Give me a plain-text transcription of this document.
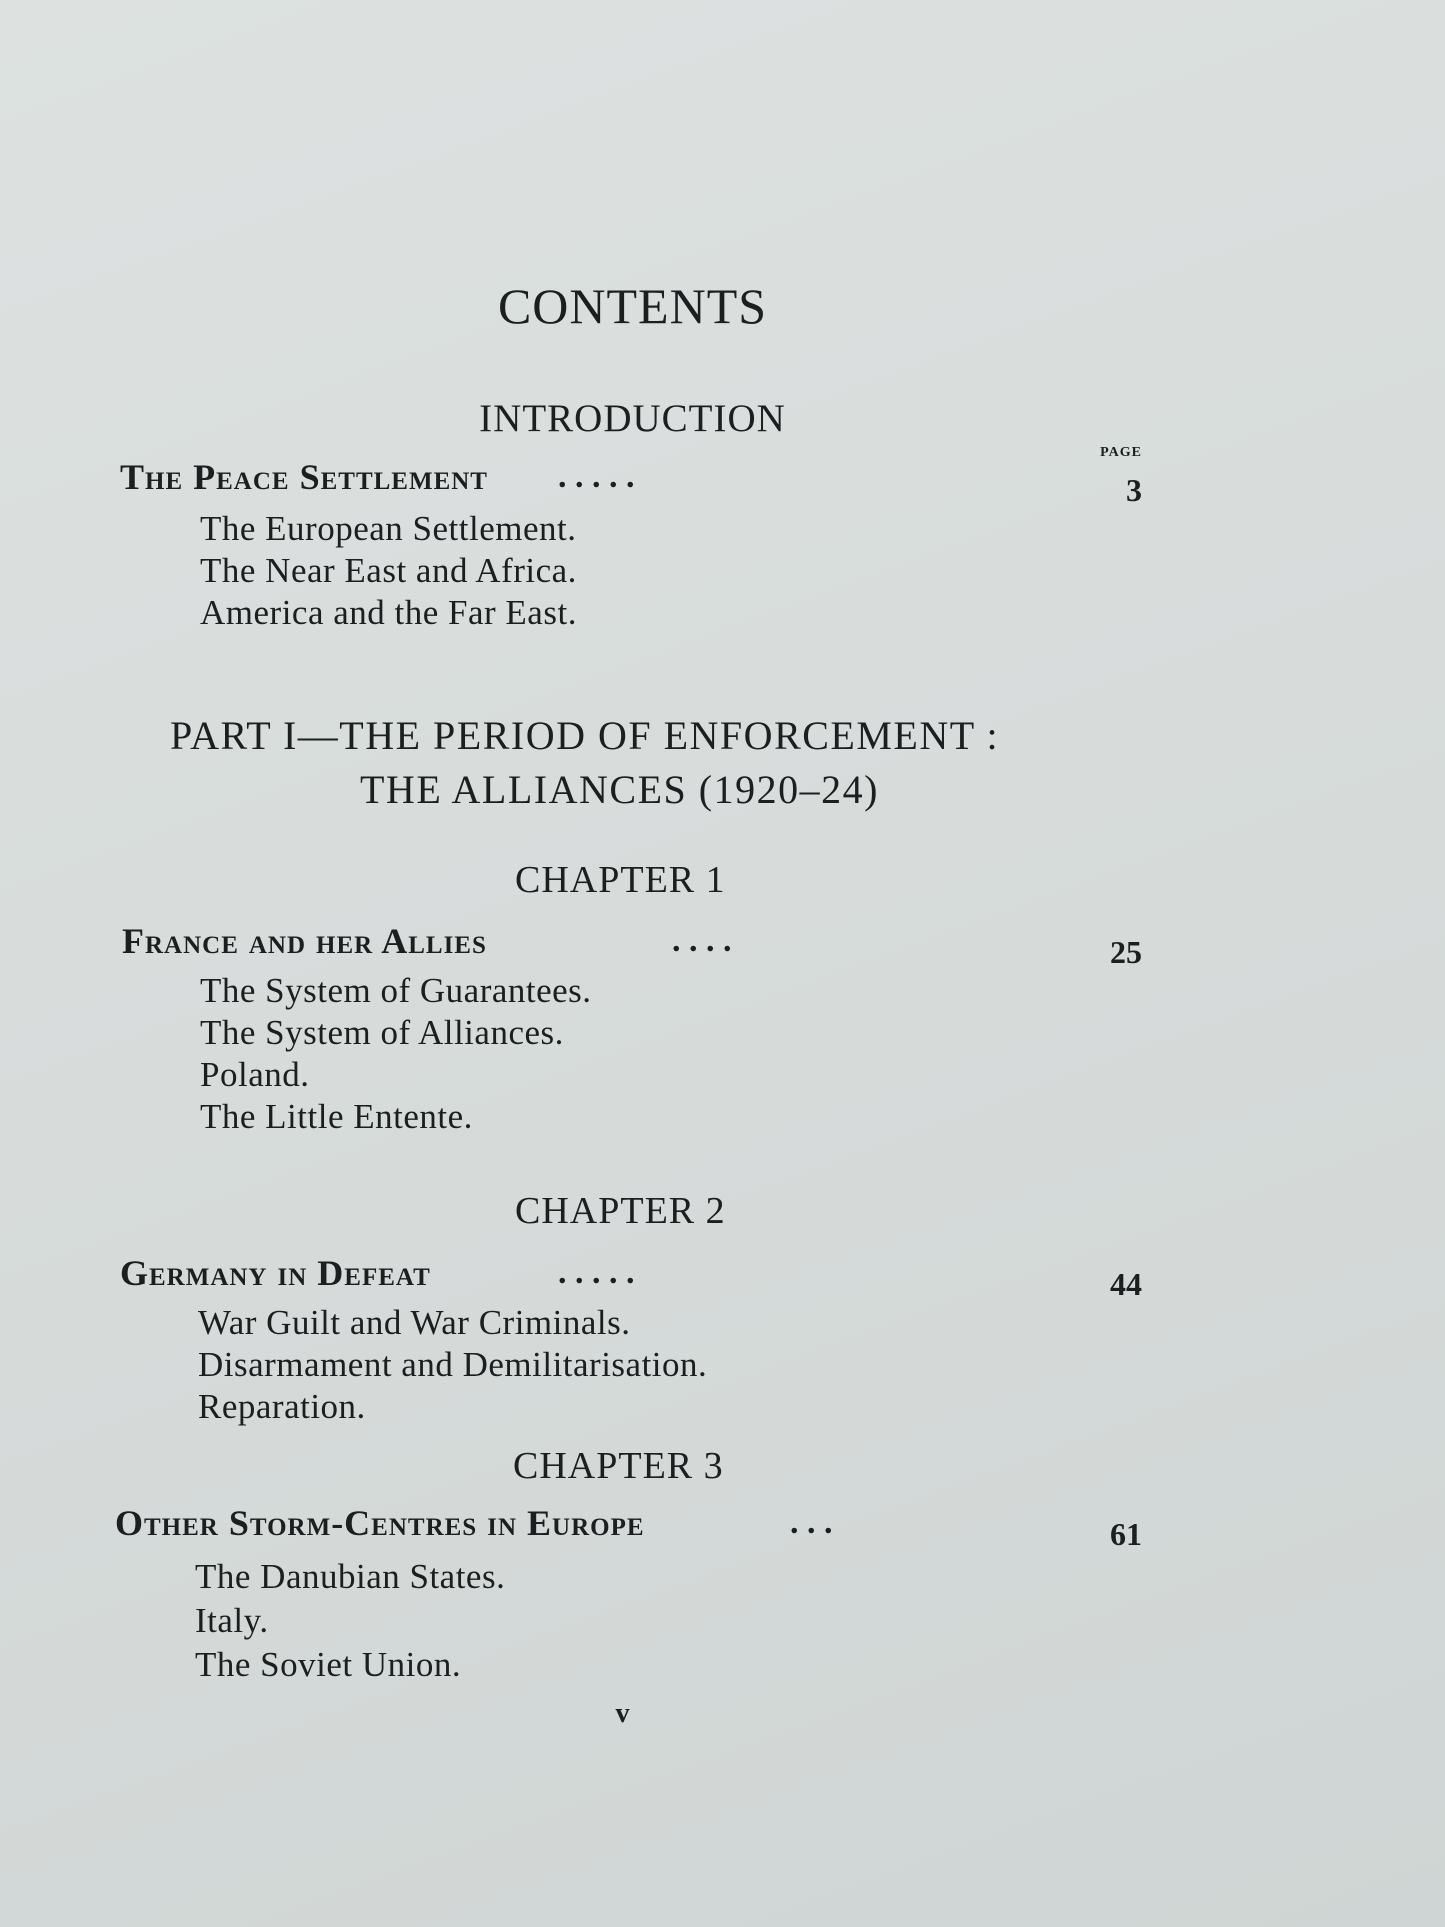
CONTENTS
INTRODUCTION
PAGE
The Peace Settlement . . . . .	3
The European Settlement.
The Near East and Africa.
America and the Far East.
PART I—THE PERIOD OF ENFORCEMENT :
THE ALLIANCES (1920–24)
CHAPTER 1
France and her Allies	. . . .	25
The System of Guarantees.
The System of Alliances.
Poland.
The Little Entente.
CHAPTER 2
Germany in Defeat	. . . . .	44
War Guilt and War Criminals.
Disarmament and Demilitarisation.
Reparation.
CHAPTER 3
Other Storm-Centres in Europe	. . .	61
The Danubian States.
Italy.
The Soviet Union.
v
